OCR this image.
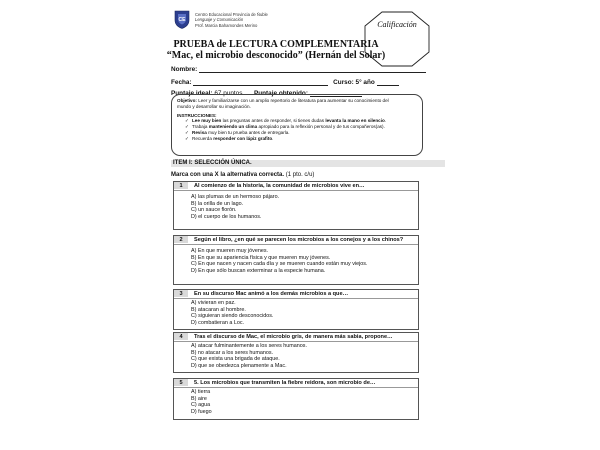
CE
Centro Educacional Provincia de Ñuble
Lenguaje y Comunicación
Prof. Marcia Bahamondes Merino	Calificación
PRUEBA de LECTURA COMPLEMENTARIA
“Mac, el microbio desconocido” (Hernán del Solar)
Nombre:
Fecha:	Curso: 5° año
Puntaje ideal: 67 puntos. Puntaje obtenido:
Objetivo: Leer y familiarizarse con un amplio repertorio de literatura para aumentar su conocimiento del
mundo y desarrollar su imaginación.
INSTRUCCIONES:
✓ Lee muy bien las preguntas antes de responder, si tienes dudas levanta la mano en silencio.
✓ Trabaja manteniendo un clima apropiado para la reflexión personal y de tus compañeros(as).
✓ Revisa muy bien tu prueba antes de entregarla.
✓ Recuerda responder con lápiz grafito.
ITEM I: SELECCIÓN ÚNICA.
Marca con una X la alternativa correcta. (1 pto. c/u)
1	Al comienzo de la historia, la comunidad de microbios vive en…
A) las plumas de un hermoso pájaro.
B) la orilla de un lago.
C) un sauce florón.
D) el cuerpo de los humanos.
2	Según el libro, ¿en qué se parecen los microbios a los conejos y a los chinos?
A) En que mueren muy jóvenes.
B) En que su apariencia física y que mueren muy jóvenes.
C) En que nacen y nacen cada día y se mueren cuando están muy viejos.
D) En que sólo buscan exterminar a la especie humana.
3	En su discurso Mac animó a los demás microbios a que…
A) vivieran en paz.
B) atacaran al hombre.
C) siguieran siendo desconocidos.
D) combatieran a Loc.
4	Tras el discurso de Mac, el microbio gris, de manera más sabia, propone…
A) atacar fulminantemente a los seres humanos.
B) no atacar a los seres humanos.
C) que exista una brigada de ataque.
D) que se obedezca plenamente a Mac.
5	5. Los microbios que transmiten la fiebre reidora, son microbio de…
A) tierra
B) aire
C) agua
D) fuego
